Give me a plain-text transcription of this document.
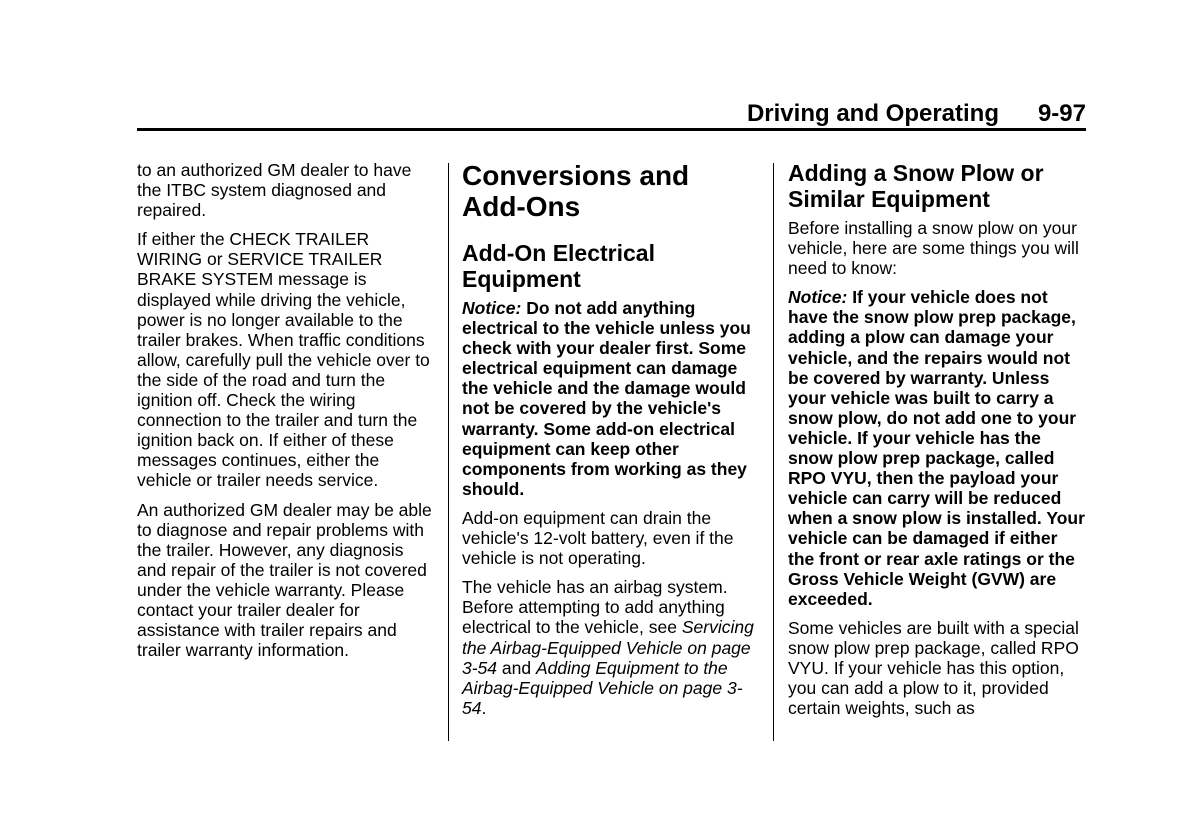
Driving and Operating 9-97

to an authorized GM dealer to have the ITBC system diagnosed and repaired.

If either the CHECK TRAILER WIRING or SERVICE TRAILER BRAKE SYSTEM message is displayed while driving the vehicle, power is no longer available to the trailer brakes. When traffic conditions allow, carefully pull the vehicle over to the side of the road and turn the ignition off. Check the wiring connection to the trailer and turn the ignition back on. If either of these messages continues, either the vehicle or trailer needs service.

An authorized GM dealer may be able to diagnose and repair problems with the trailer. However, any diagnosis and repair of the trailer is not covered under the vehicle warranty. Please contact your trailer dealer for assistance with trailer repairs and trailer warranty information.

Conversions and Add-Ons
Add-On Electrical Equipment

Notice: Do not add anything electrical to the vehicle unless you check with your dealer first. Some electrical equipment can damage the vehicle and the damage would not be covered by the vehicle's warranty. Some add-on electrical equipment can keep other components from working as they should.

Add-on equipment can drain the vehicle's 12-volt battery, even if the vehicle is not operating.

The vehicle has an airbag system. Before attempting to add anything electrical to the vehicle, see Servicing the Airbag-Equipped Vehicle on page 3-54 and Adding Equipment to the Airbag-Equipped Vehicle on page 3-54.

Adding a Snow Plow or Similar Equipment

Before installing a snow plow on your vehicle, here are some things you will need to know:

Notice: If your vehicle does not have the snow plow prep package, adding a plow can damage your vehicle, and the repairs would not be covered by warranty. Unless your vehicle was built to carry a snow plow, do not add one to your vehicle. If your vehicle has the snow plow prep package, called RPO VYU, then the payload your vehicle can carry will be reduced when a snow plow is installed. Your vehicle can be damaged if either the front or rear axle ratings or the Gross Vehicle Weight (GVW) are exceeded.

Some vehicles are built with a special snow plow prep package, called RPO VYU. If your vehicle has this option, you can add a plow to it, provided certain weights, such as
